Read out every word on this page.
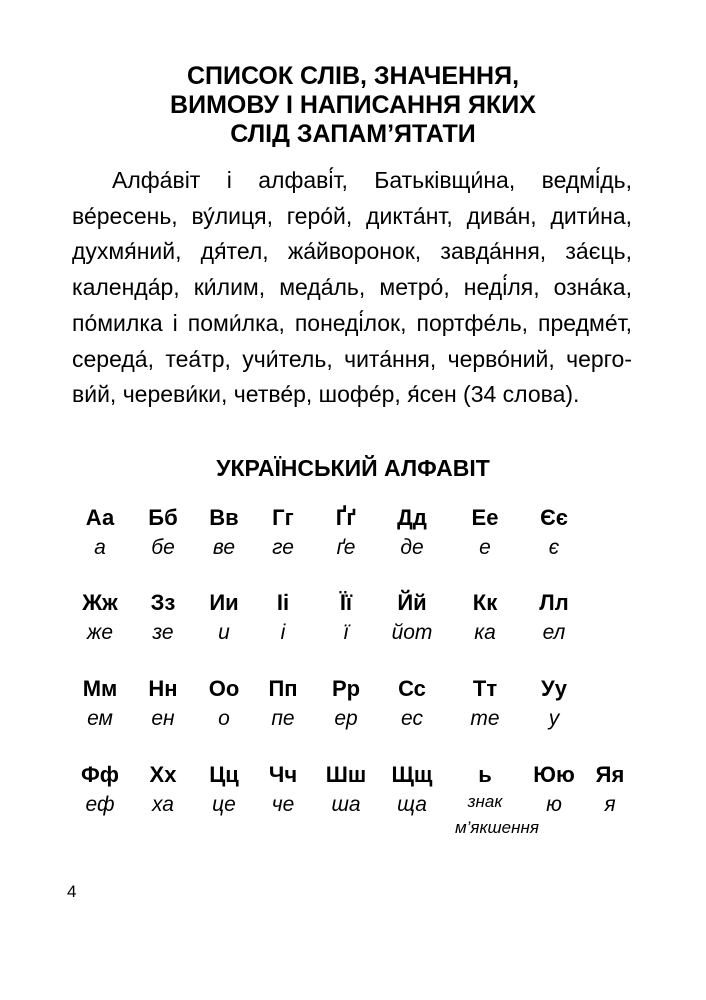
СПИСОК СЛІВ, ЗНАЧЕННЯ,
ВИМОВУ І НАПИСАННЯ ЯКИХ
СЛІД ЗАПАМ’ЯТАТИ
Алфа́віт і алфаві́т, Батьківщи́на, ведмі́дь,
ве́ресень, ву́лиця, геро́й, дикта́нт, дива́н, дити́на,
духмя́ний, дя́тел, жа́йворонок, завда́ння, за́єць,
календа́р, ки́лим, меда́ль, метро́, неді́ля, озна́ка,
по́милка і поми́лка, понеді́лок, портфе́ль, предме́т,
середа́, теа́тр, учи́тель, чита́ння, черво́ний, черго-
ви́й, череви́ки, четве́р, шофе́р, я́сен (34 слова).
УКРАЇНСЬКИЙ АЛФАВІТ
Аа
а
Бб
бе
Вв
ве
Гг
ге
Ґґ
ґе
Дд
де
Ее
е
Єє
є
Жж
же
Зз
зе
Ии
и
Іі
і
Її
ї
Йй
йот
Кк
ка
Лл
ел
Мм
ем
Нн
ен
Оо
о
Пп
пе
Рр
ер
Сс
ес
Тт
те
Уу
у
Фф
еф
Хх
ха
Цц
це
Чч
че
Шш
ша
Щщ
ща
ь
знак
м’якшення
Юю
ю
Яя
я
4
